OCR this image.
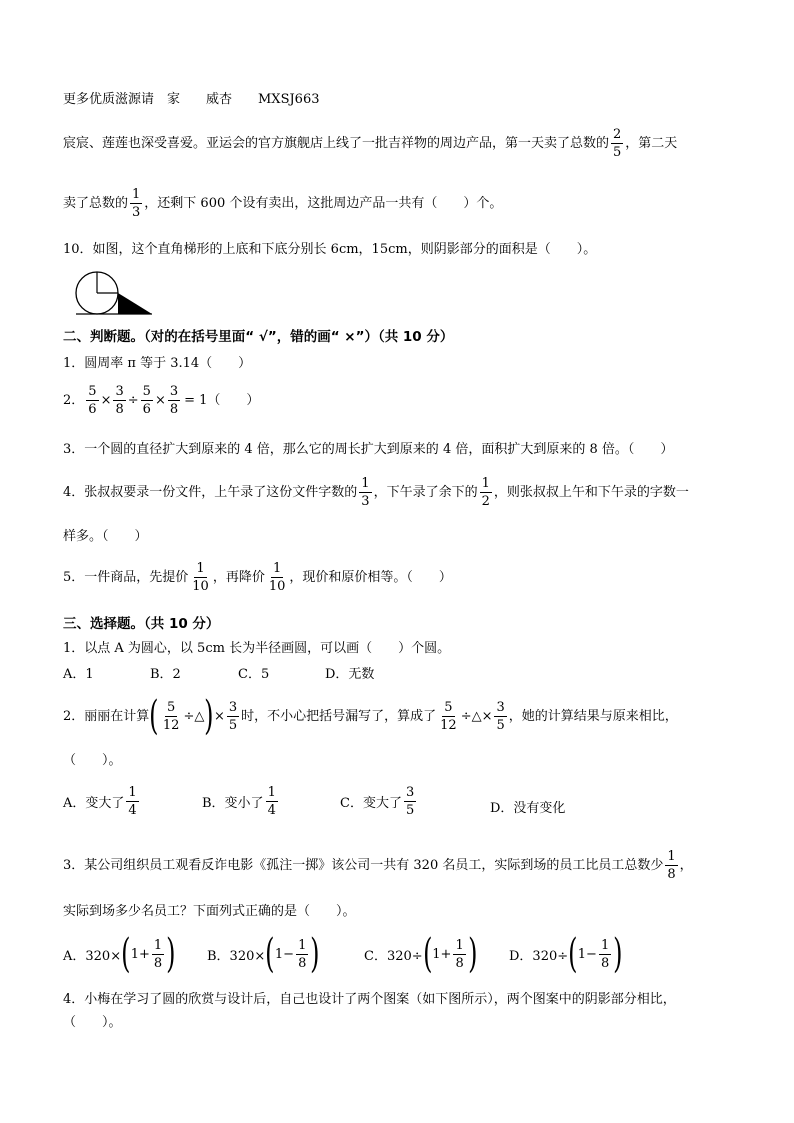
更多优质滋源请　家　　威杏　　MXSJ663
宸宸、莲莲也深受喜爱。亚运会的官方旗舰店上线了一批吉祥物的周边产品，第一天卖了总数的 $\frac{2}{5}$ ，第二天
卖了总数的 $\frac{1}{3}$ ，还剩下 600 个设有卖出，这批周边产品一共有（　　）个。
10．如图，这个直角梯形的上底和下底分别长 6cm，15cm，则阴影部分的面积是（　　）。
二、判断题。（对的在括号里面“ √”，错的画“ ×”）（共 10 分）
1．圆周率 π 等于 3.14（　　）
2． $\frac{5}{6} \times \frac{3}{8} \div \frac{5}{6} \times \frac{3}{8} = 1$（　　）
3．一个圆的直径扩大到原来的 4 倍，那么它的周长扩大到原来的 4 倍，面积扩大到原来的 8 倍。（　　）
4．张叔叔要录一份文件，上午录了这份文件字数的 $\frac{1}{3}$ ，下午录了余下的 $\frac{1}{2}$ ，则张叔叔上午和下午录的字数一
样多。（　　）
5．一件商品，先提价 $\frac{1}{10}$ ，再降价 $\frac{1}{10}$ ，现价和原价相等。（　　）
三、选择题。（共 10 分）
1．以点 A 为圆心，以 5cm 长为半径画圆，可以画（　　）个圆。
A．1	B．2	C．5	D．无数
2．丽丽在计算 ( $\frac{5}{12}$ ÷△ ) × $\frac{3}{5}$ 时，不小心把括号漏写了，算成了 $\frac{5}{12}$ ÷△× $\frac{3}{5}$ ，她的计算结果与原来相比，
（　　）。
A．变大了 $\frac{1}{4}$	B．变小了 $\frac{1}{4}$	C．变大了 $\frac{3}{5}$	D．没有变化
3．某公司组织员工观看反诈电影《孤注一掷》该公司一共有 320 名员工，实际到场的员工比员工总数少 $\frac{1}{8}$ ，
实际到场多少名员工？下面列式正确的是（　　）。
A．320× ( $1 + \frac{1}{8}$ ) B．320× ( $1 - \frac{1}{8}$ )	C．320÷ ( $1 + \frac{1}{8}$ ) D．320÷ ( $1 - \frac{1}{8}$ )
4．小梅在学习了圆的欣赏与设计后，自己也设计了两个图案（如下图所示），两个图案中的阴影部分相比，
（　　）。
